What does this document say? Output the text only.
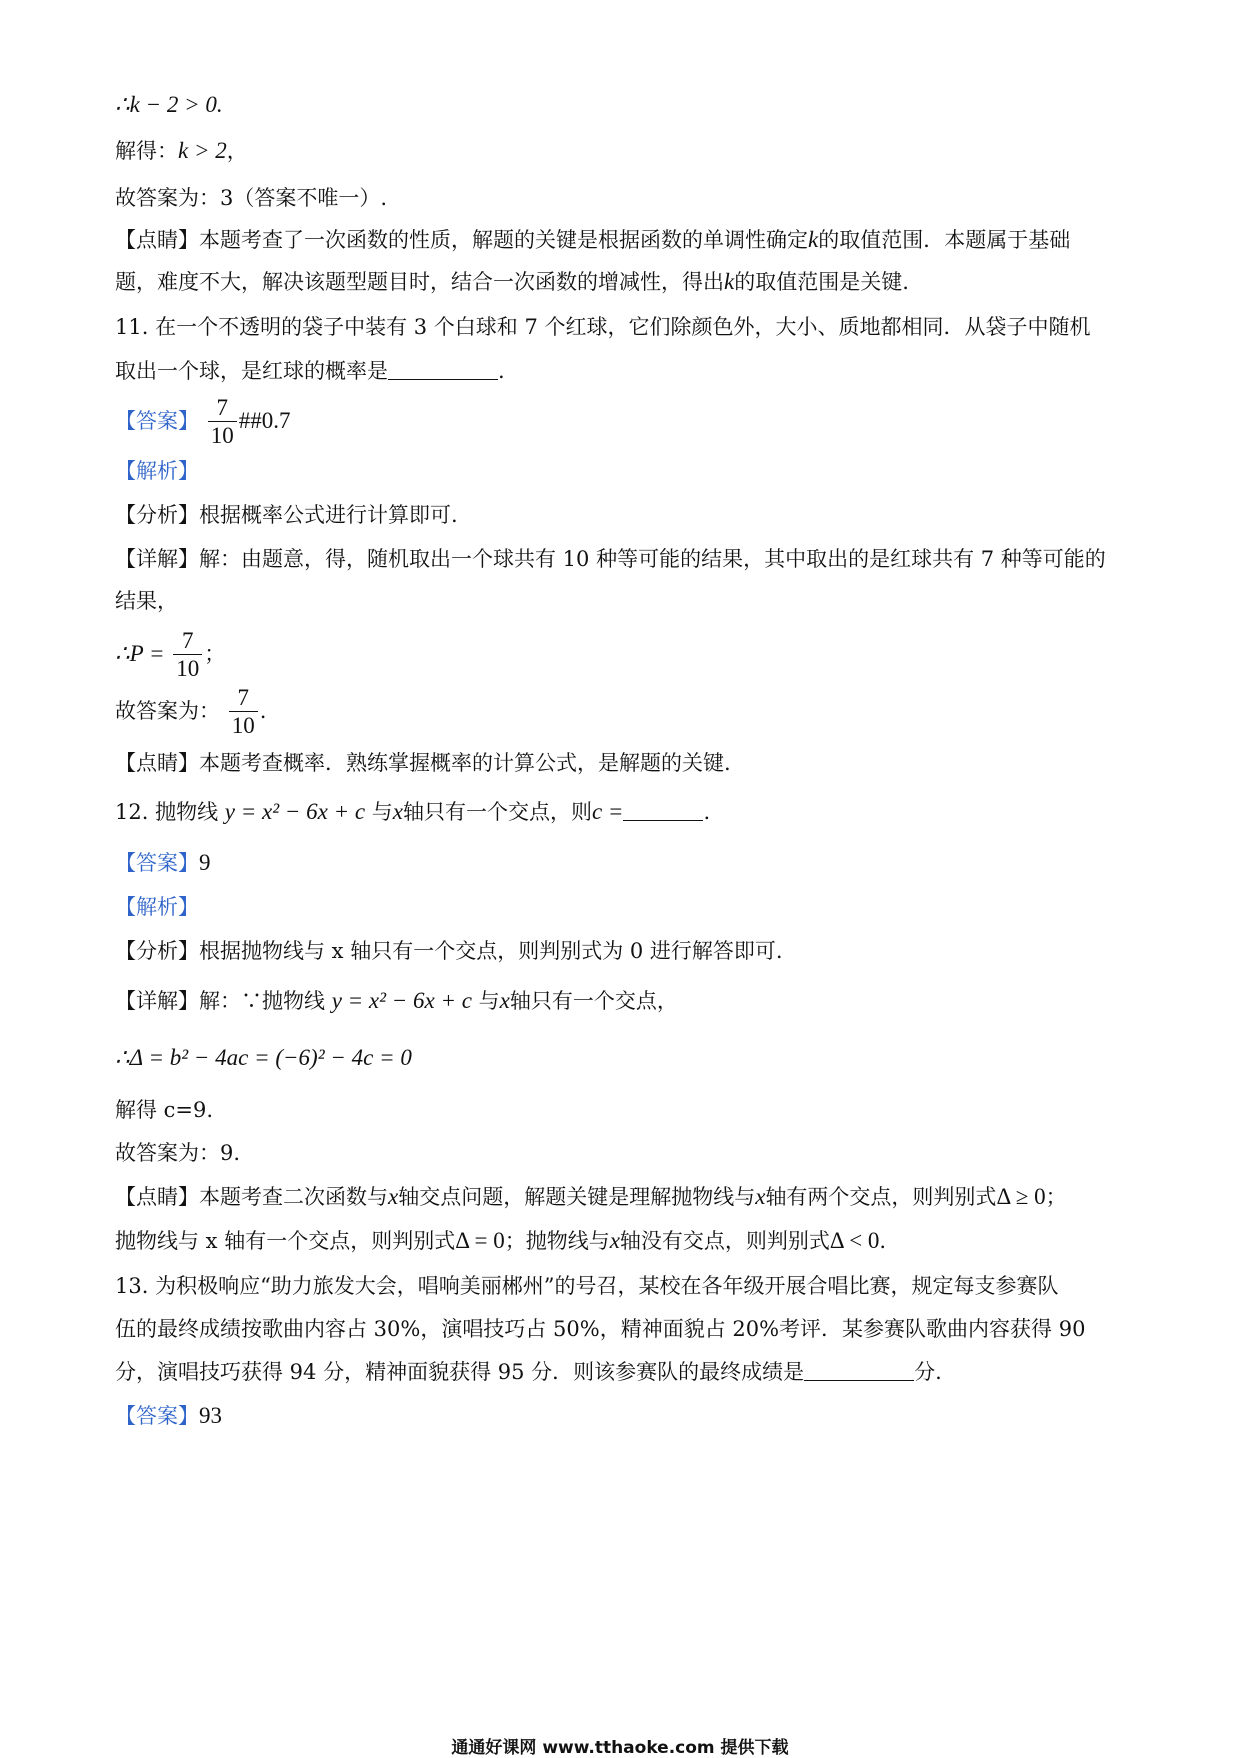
∴k − 2 > 0.
解得：k > 2，
故答案为：3（答案不唯一）.
【点睛】本题考查了一次函数的性质，解题的关键是根据函数的单调性确定k的取值范围．本题属于基础
题，难度不大，解决该题型题目时，结合一次函数的增减性，得出k的取值范围是关键.
11. 在一个不透明的袋子中装有 3 个白球和 7 个红球，它们除颜色外，大小、质地都相同．从袋子中随机
取出一个球，是红球的概率是	.
【答案】 $\frac{7}{10}$ ##0.7
【解析】
【分析】根据概率公式进行计算即可.
【详解】解：由题意，得，随机取出一个球共有 10 种等可能的结果，其中取出的是红球共有 7 种等可能的
结果，
∴P = $\frac{7}{10}$ ；
故答案为： $\frac{7}{10}$ .
【点睛】本题考查概率．熟练掌握概率的计算公式，是解题的关键.
12. 抛物线 y = x² − 6x + c 与x轴只有一个交点，则c =	.
【答案】9
【解析】
【分析】根据抛物线与 x 轴只有一个交点，则判别式为 0 进行解答即可.
【详解】解：∵抛物线 y = x² − 6x + c 与x轴只有一个交点，
∴Δ = b² − 4ac = (−6)² − 4c = 0
解得 c=9.
故答案为：9.
【点睛】本题考查二次函数与x轴交点问题，解题关键是理解抛物线与x轴有两个交点，则判别式Δ ≥ 0；
抛物线与 x 轴有一个交点，则判别式Δ = 0；抛物线与x轴没有交点，则判别式Δ < 0.
13. 为积极响应“助力旅发大会，唱响美丽郴州”的号召，某校在各年级开展合唱比赛，规定每支参赛队
伍的最终成绩按歌曲内容占 30%，演唱技巧占 50%，精神面貌占 20%考评．某参赛队歌曲内容获得 90
分，演唱技巧获得 94 分，精神面貌获得 95 分．则该参赛队的最终成绩是	分.
【答案】93
通通好课网 www.tthaoke.com 提供下载
